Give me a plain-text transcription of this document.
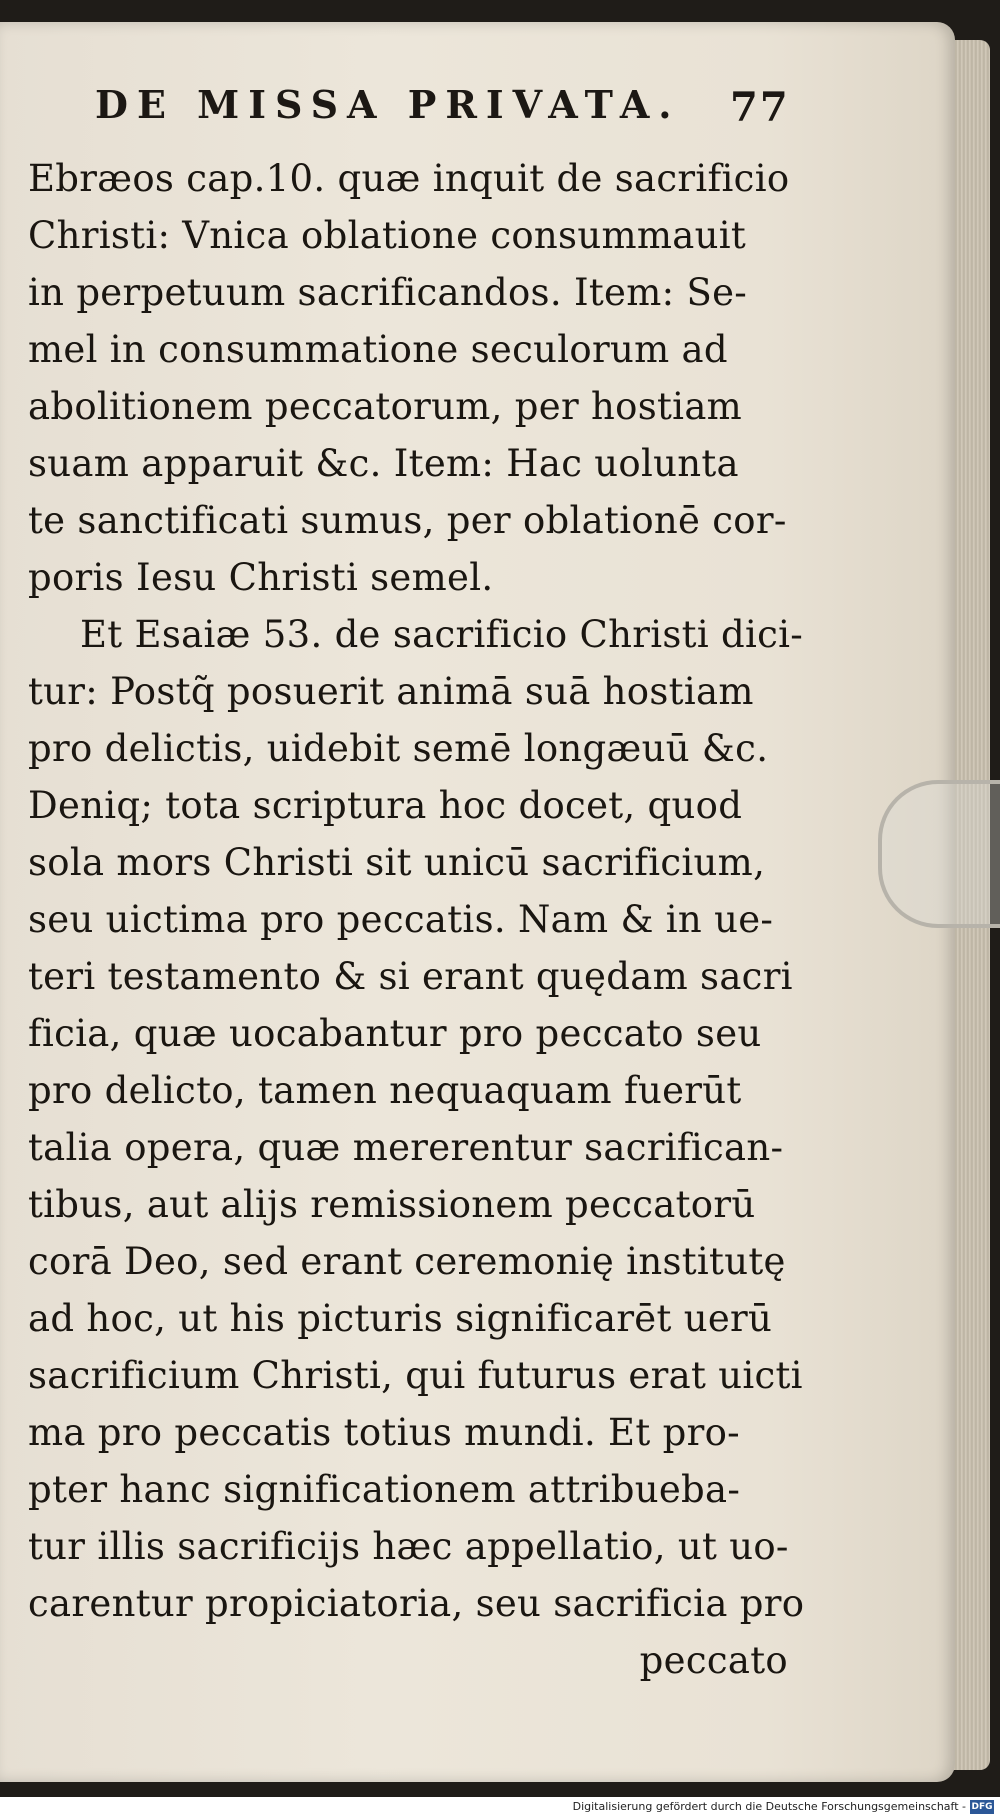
DE MISSA PRIVATA.	77
Ebræos cap.10. quæ inquit de sacrificio
Christi: Vnica oblatione consummauit
in perpetuum sacrificandos. Item: Se-
mel in consummatione seculorum ad
abolitionem peccatorum, per hostiam
suam apparuit &c. Item: Hac uolunta
te sanctificati sumus, per oblationē cor-
poris Iesu Christi semel.
Et Esaiæ 53. de sacrificio Christi dici-
tur: Postq̃ posuerit animā suā hostiam
pro delictis, uidebit semē longæuū &c.
Deniq; tota scriptura hoc docet, quod
sola mors Christi sit unicū sacrificium,
seu uictima pro peccatis. Nam & in ue-
teri testamento & si erant quędam sacri
ficia, quæ uocabantur pro peccato seu
pro delicto, tamen nequaquam fuerūt
talia opera, quæ mererentur sacrifican-
tibus, aut alijs remissionem peccatorū
corā Deo, sed erant ceremonię institutę
ad hoc, ut his picturis significarēt uerū
sacrificium Christi, qui futurus erat uicti
ma pro peccatis totius mundi. Et pro-
pter hanc significationem attribueba-
tur illis sacrificijs hæc appellatio, ut uo-
carentur propiciatoria, seu sacrificia pro
peccato
Digitalisierung gefördert durch die Deutsche Forschungsgemeinschaft - DFG
